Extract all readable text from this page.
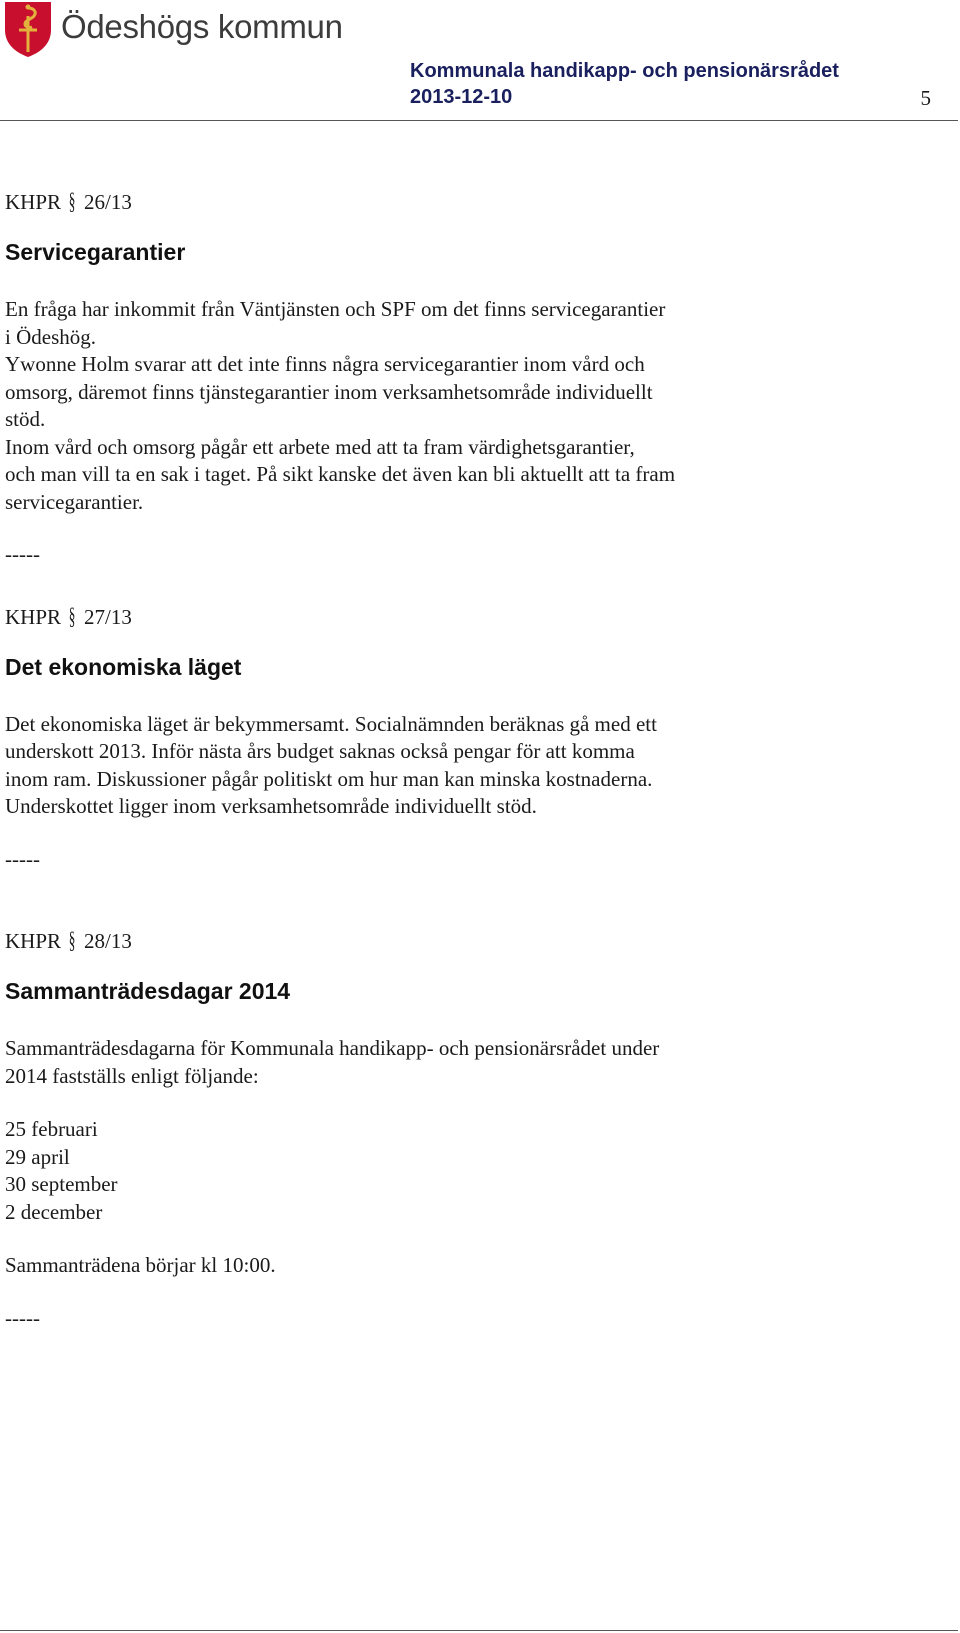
Ödeshögs kommun
Kommunala handikapp- och pensionärsrådet
2013-12-10	5
KHPR § 26/13
Servicegarantier

En fråga har inkommit från Väntjänsten och SPF om det finns servicegarantier

i Ödeshög.

Ywonne Holm svarar att det inte finns några servicegarantier inom vård och

omsorg, däremot finns tjänstegarantier inom verksamhetsområde individuellt

stöd.

Inom vård och omsorg pågår ett arbete med att ta fram värdighetsgarantier,

och man vill ta en sak i taget. På sikt kanske det även kan bli aktuellt att ta fram

servicegarantier.

-----
KHPR § 27/13
Det ekonomiska läget

Det ekonomiska läget är bekymmersamt. Socialnämnden beräknas gå med ett

underskott 2013. Inför nästa års budget saknas också pengar för att komma

inom ram. Diskussioner pågår politiskt om hur man kan minska kostnaderna.

Underskottet ligger inom verksamhetsområde individuellt stöd.

-----
KHPR § 28/13
Sammanträdesdagar 2014

Sammanträdesdagarna för Kommunala handikapp- och pensionärsrådet under

2014 fastställs enligt följande:

25 februari

29 april

30 september

2 december

Sammanträdena börjar kl 10:00.

-----
